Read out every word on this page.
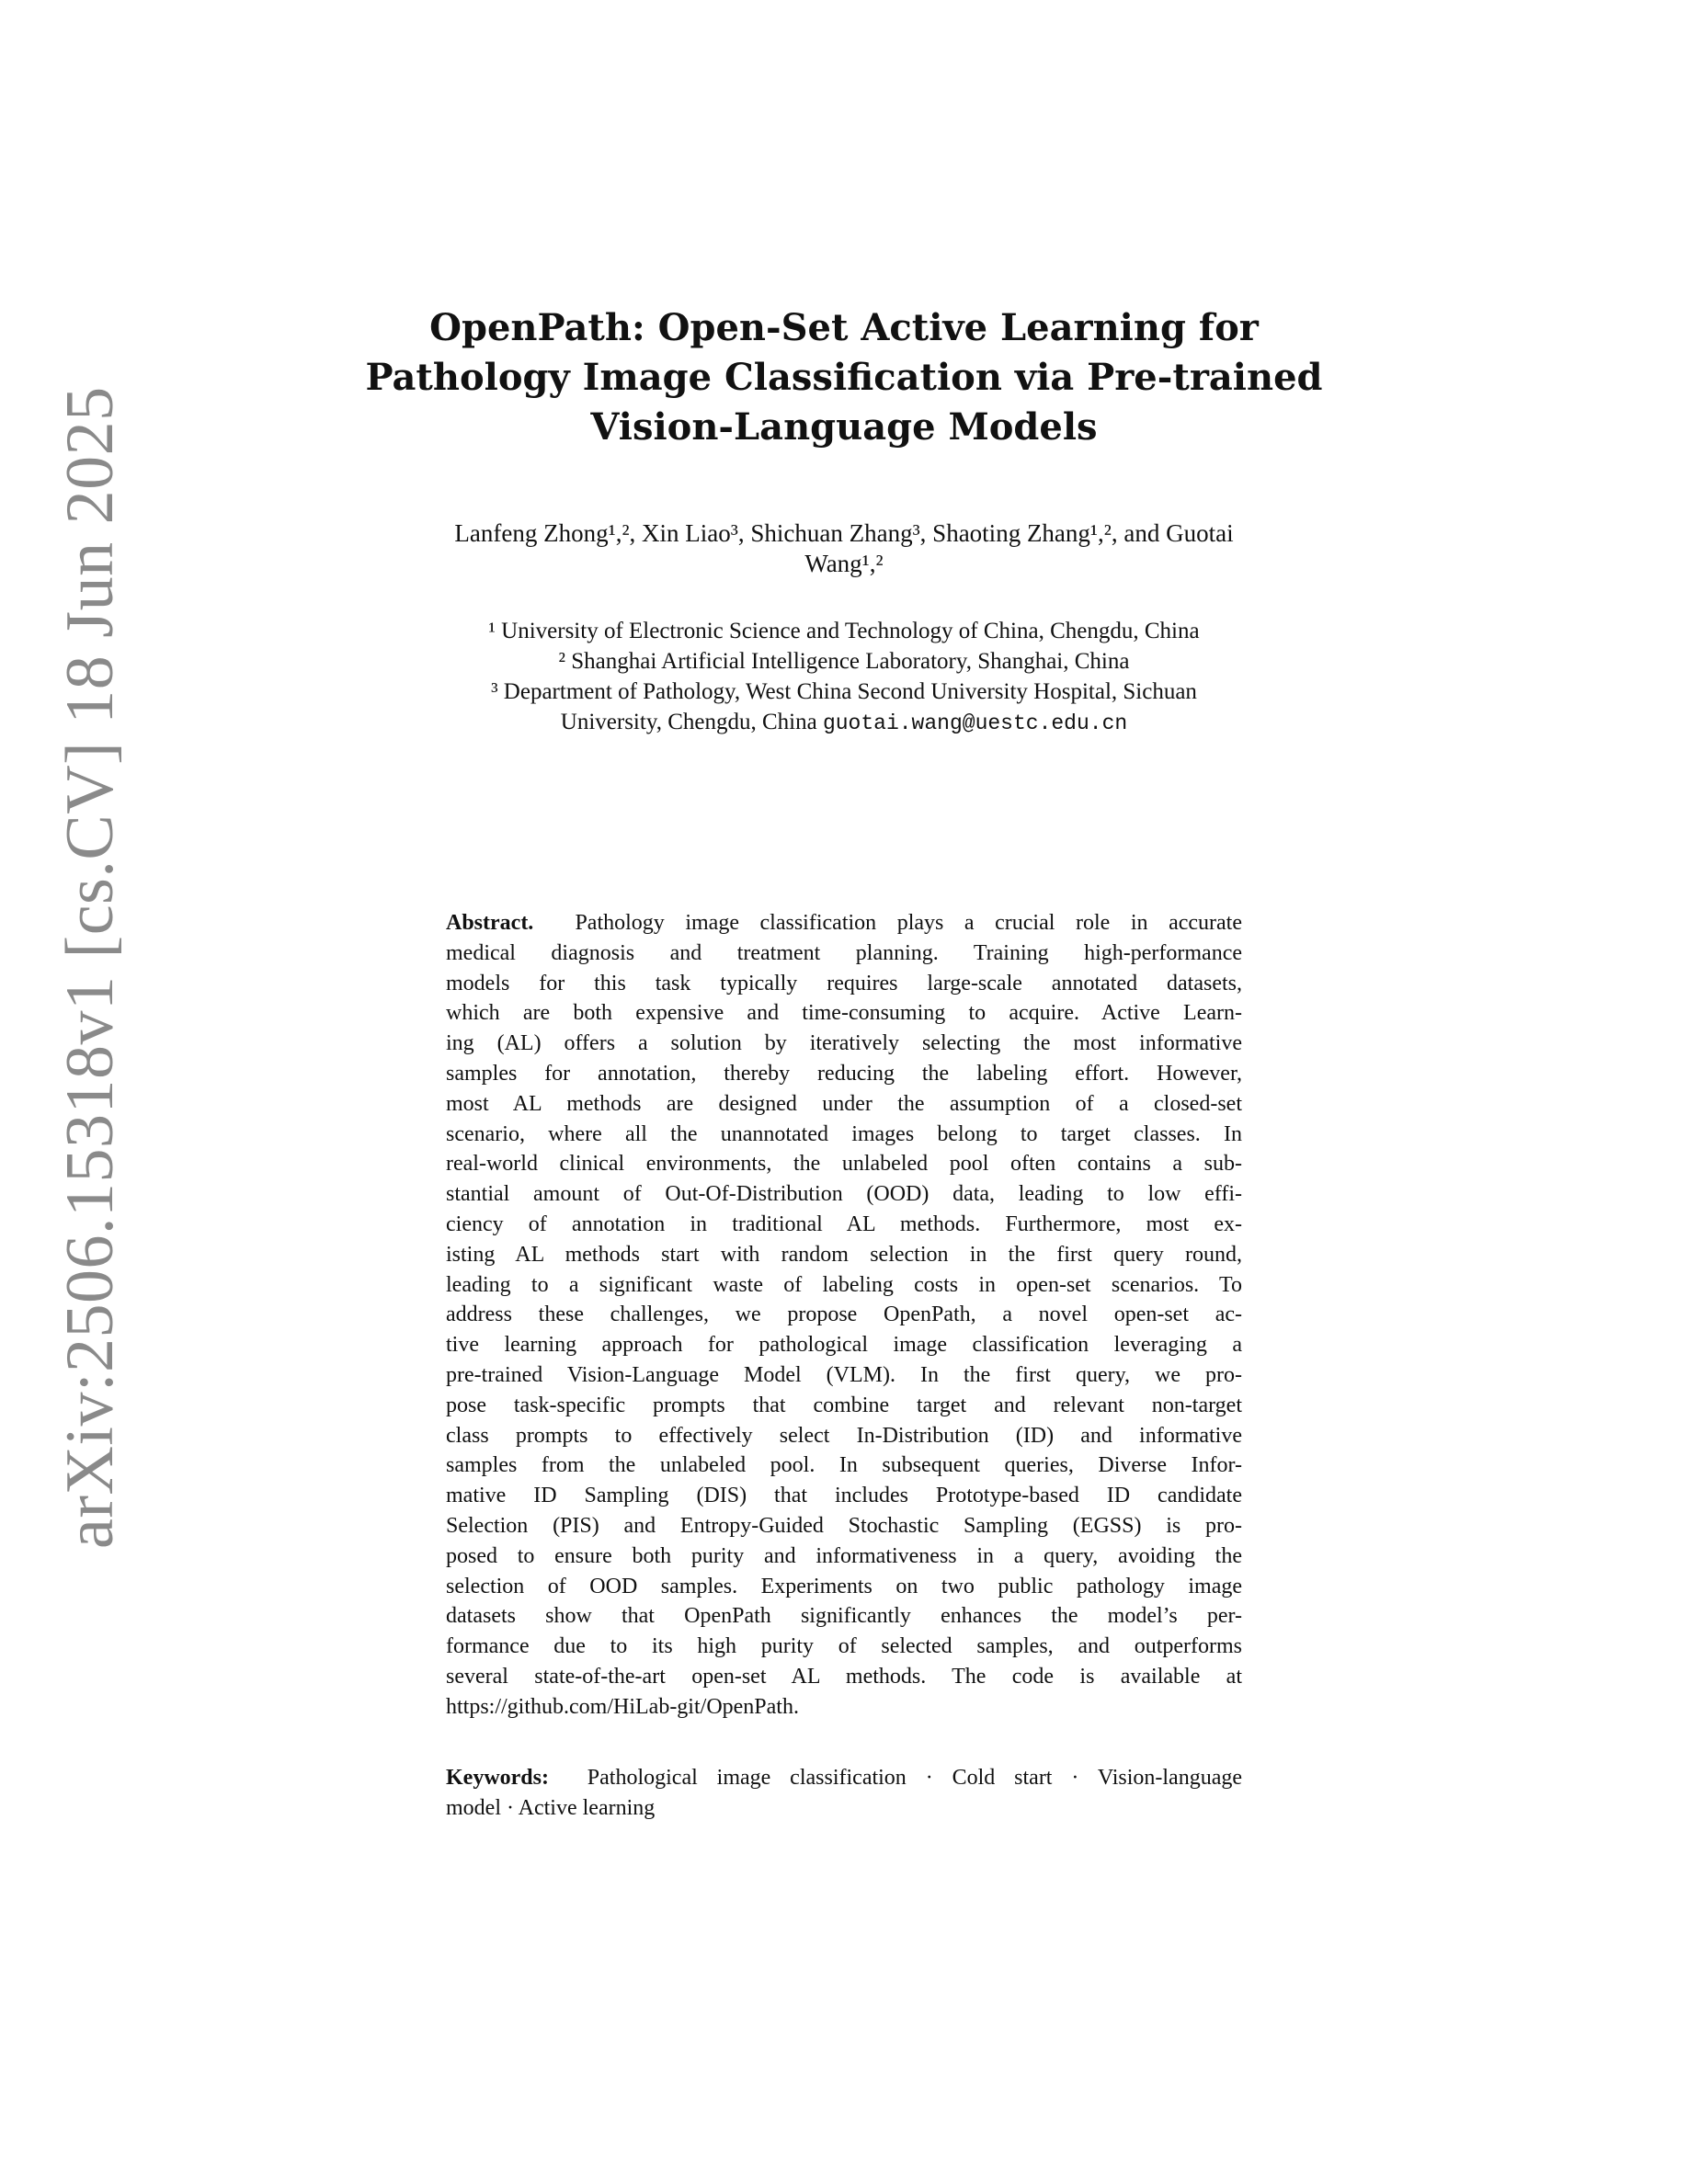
arXiv:2506.15318v1 [cs.CV] 18 Jun 2025
OpenPath: Open-Set Active Learning for
Pathology Image Classification via Pre-trained
Vision-Language Models
Lanfeng Zhong¹,², Xin Liao³, Shichuan Zhang³, Shaoting Zhang¹,², and Guotai
Wang¹,²
¹ University of Electronic Science and Technology of China, Chengdu, China
² Shanghai Artificial Intelligence Laboratory, Shanghai, China
³ Department of Pathology, West China Second University Hospital, Sichuan
University, Chengdu, China guotai.wang@uestc.edu.cn
Abstract. Pathology image classification plays a crucial role in accurate
medical diagnosis and treatment planning. Training high-performance
models for this task typically requires large-scale annotated datasets,
which are both expensive and time-consuming to acquire. Active Learn-
ing (AL) offers a solution by iteratively selecting the most informative
samples for annotation, thereby reducing the labeling effort. However,
most AL methods are designed under the assumption of a closed-set
scenario, where all the unannotated images belong to target classes. In
real-world clinical environments, the unlabeled pool often contains a sub-
stantial amount of Out-Of-Distribution (OOD) data, leading to low effi-
ciency of annotation in traditional AL methods. Furthermore, most ex-
isting AL methods start with random selection in the first query round,
leading to a significant waste of labeling costs in open-set scenarios. To
address these challenges, we propose OpenPath, a novel open-set ac-
tive learning approach for pathological image classification leveraging a
pre-trained Vision-Language Model (VLM). In the first query, we pro-
pose task-specific prompts that combine target and relevant non-target
class prompts to effectively select In-Distribution (ID) and informative
samples from the unlabeled pool. In subsequent queries, Diverse Infor-
mative ID Sampling (DIS) that includes Prototype-based ID candidate
Selection (PIS) and Entropy-Guided Stochastic Sampling (EGSS) is pro-
posed to ensure both purity and informativeness in a query, avoiding the
selection of OOD samples. Experiments on two public pathology image
datasets show that OpenPath significantly enhances the model’s per-
formance due to its high purity of selected samples, and outperforms
several state-of-the-art open-set AL methods. The code is available at
https://github.com/HiLab-git/OpenPath.
Keywords: Pathological image classification · Cold start · Vision-language
model · Active learning
